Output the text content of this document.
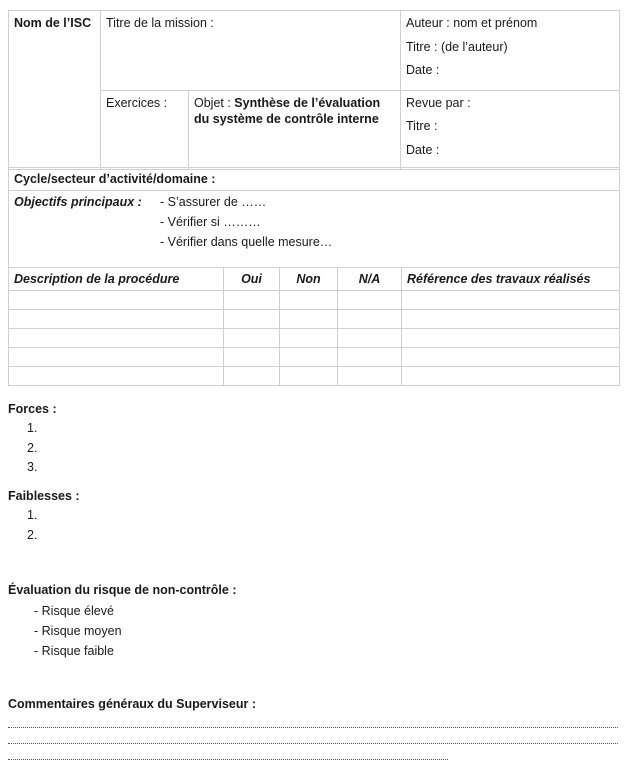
Nom de l’ISC	Titre de la mission :		Auteur : nom et prénom
Titre : (de l’auteur)
Date :

	Exercices :	Objet : Synthèse de l’évaluation du système de contrôle interne	Revue par :
Titre :
Date :
Cycle/secteur d’activité/domaine :				

Objectifs principaux : - S’assurer de ……
- Vérifier si ………
- Vérifier dans quelle mesure…				

Description de la procédure	Oui	Non	N/A	Référence des travaux réalisés

Forces :
1.
2.
3.
Faiblesses :
1.
2.
Évaluation du risque de non-contrôle :
- Risque élevé
- Risque moyen
- Risque faible
Commentaires généraux du Superviseur :
